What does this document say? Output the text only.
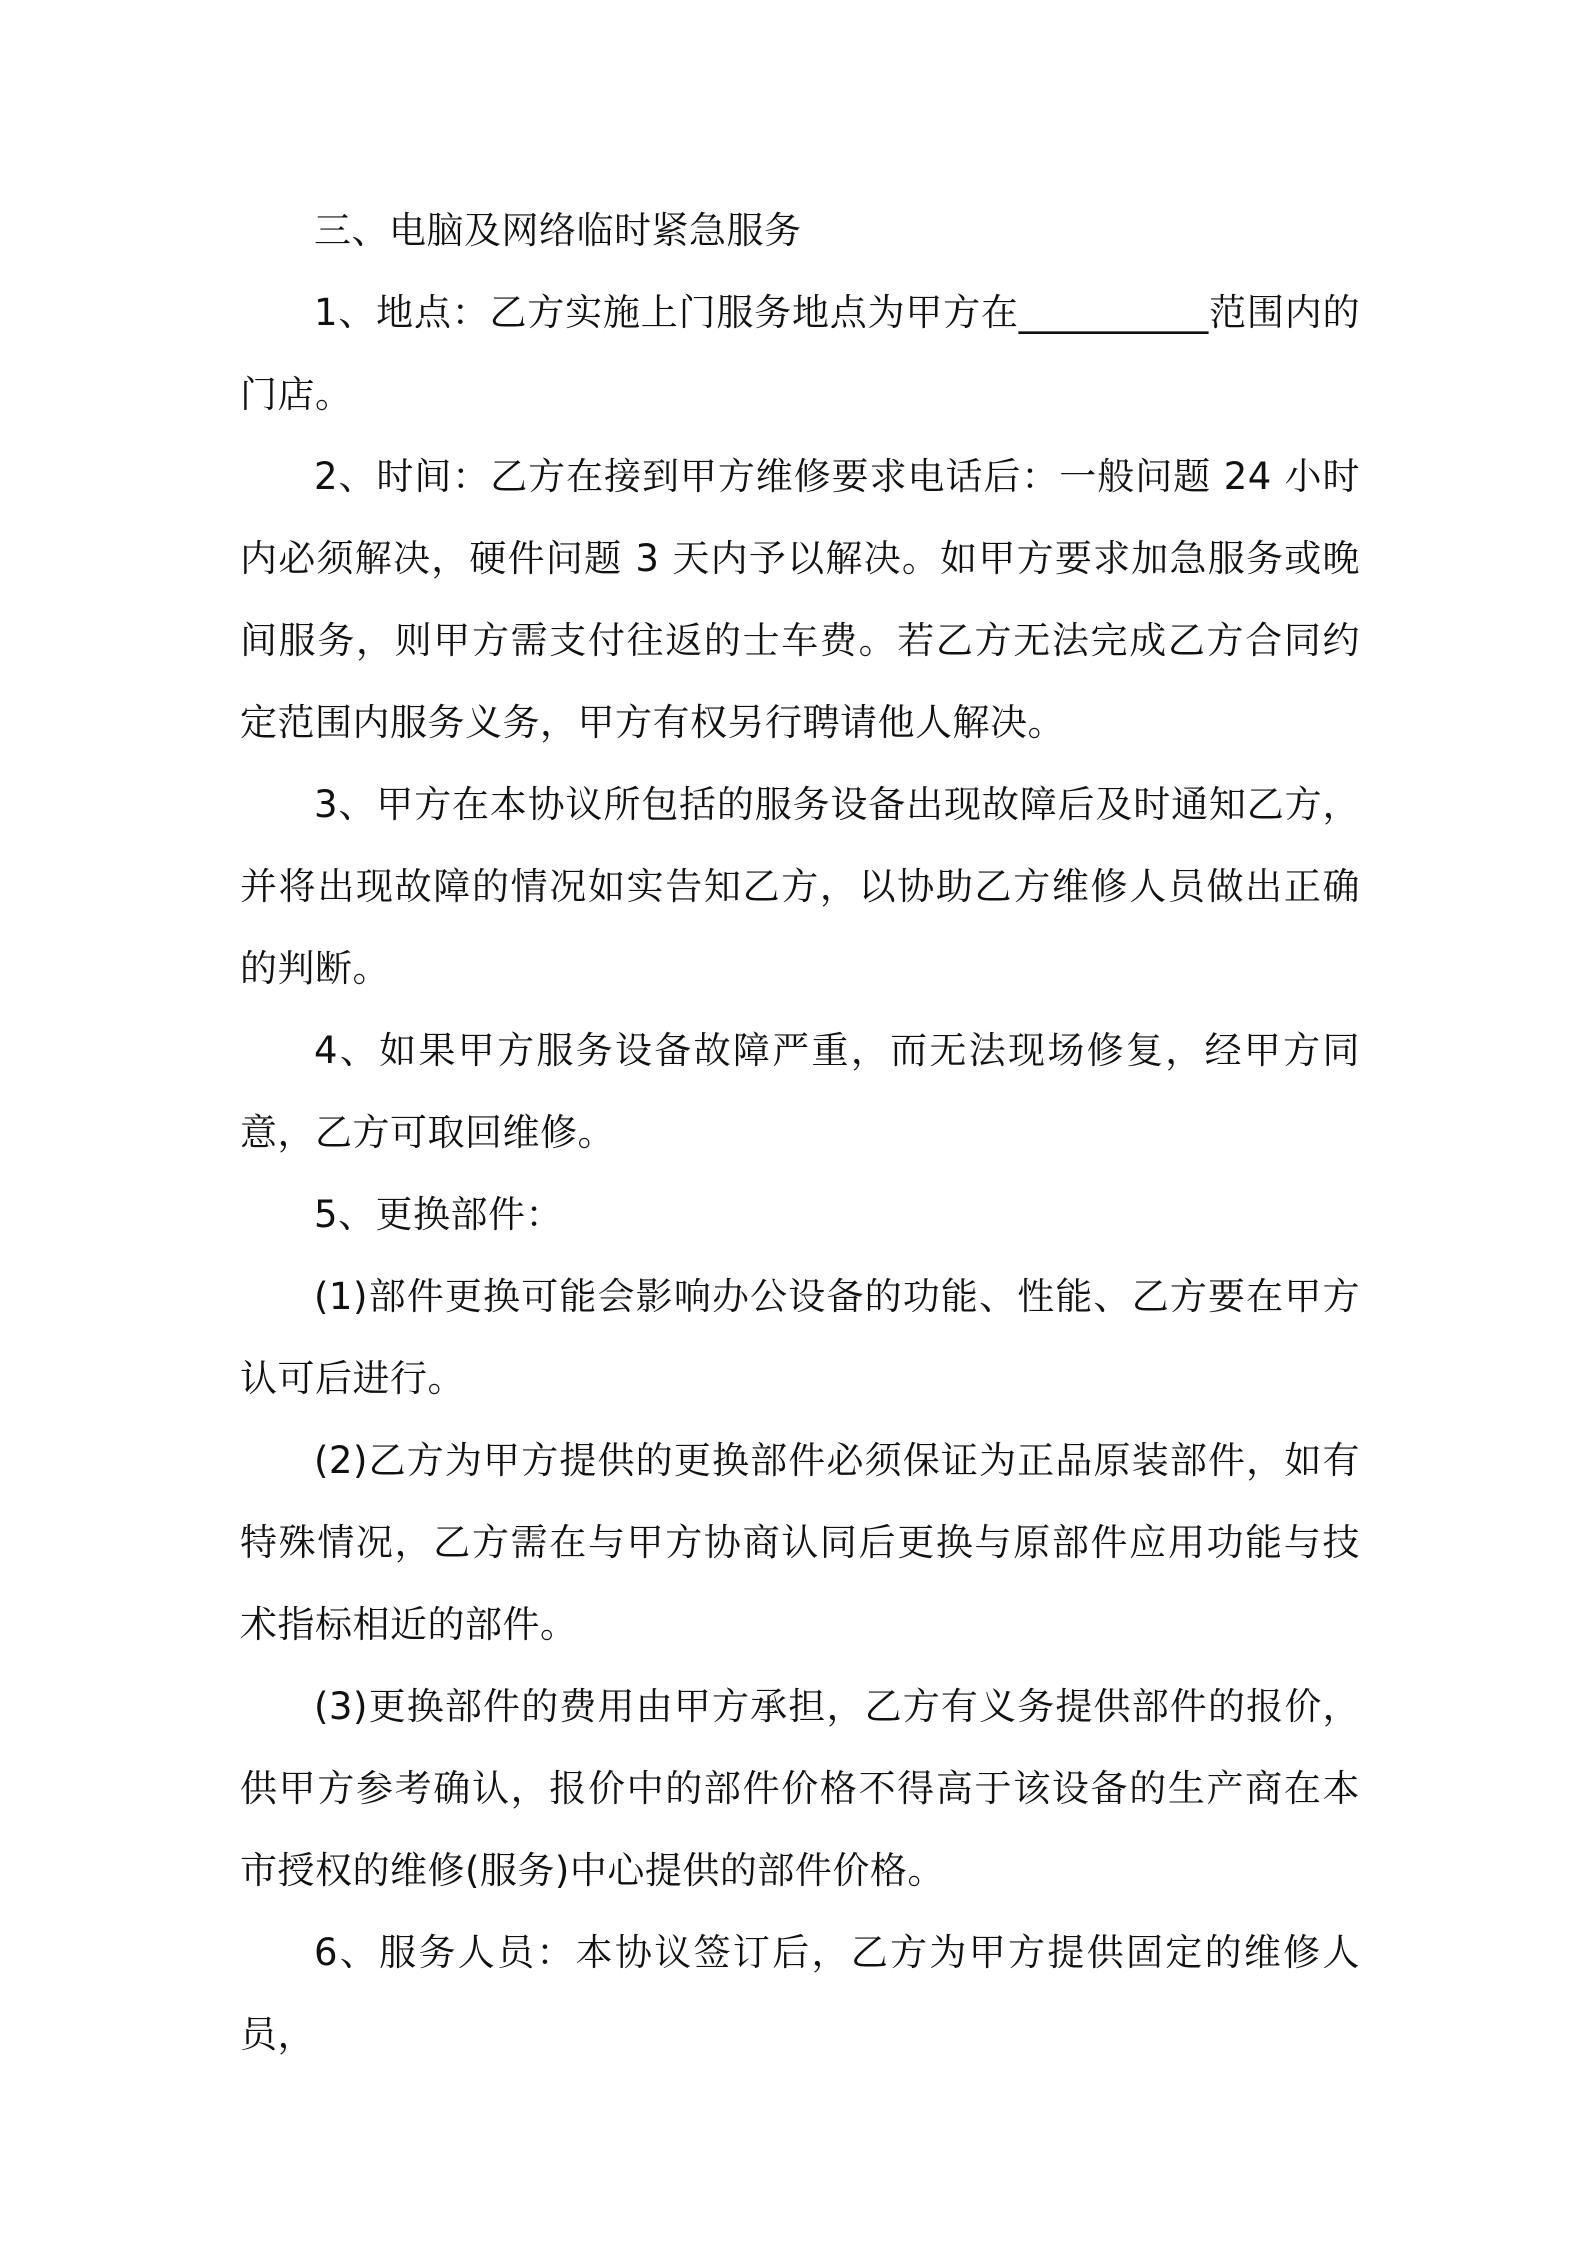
三、电脑及网络临时紧急服务

1、地点：乙方实施上门服务地点为甲方在__________范围内的门店。

2、时间：乙方在接到甲方维修要求电话后：一般问题 24 小时内必须解决，硬件问题 3 天内予以解决。如甲方要求加急服务或晚间服务，则甲方需支付往返的士车费。若乙方无法完成乙方合同约定范围内服务义务，甲方有权另行聘请他人解决。

3、甲方在本协议所包括的服务设备出现故障后及时通知乙方，并将出现故障的情况如实告知乙方，以协助乙方维修人员做出正确的判断。

4、如果甲方服务设备故障严重，而无法现场修复，经甲方同意，乙方可取回维修。

5、更换部件：

(1)部件更换可能会影响办公设备的功能、性能、乙方要在甲方认可后进行。

(2)乙方为甲方提供的更换部件必须保证为正品原装部件，如有特殊情况，乙方需在与甲方协商认同后更换与原部件应用功能与技术指标相近的部件。

(3)更换部件的费用由甲方承担，乙方有义务提供部件的报价，供甲方参考确认，报价中的部件价格不得高于该设备的生产商在本市授权的维修(服务)中心提供的部件价格。

6、服务人员：本协议签订后，乙方为甲方提供固定的维修人员，
